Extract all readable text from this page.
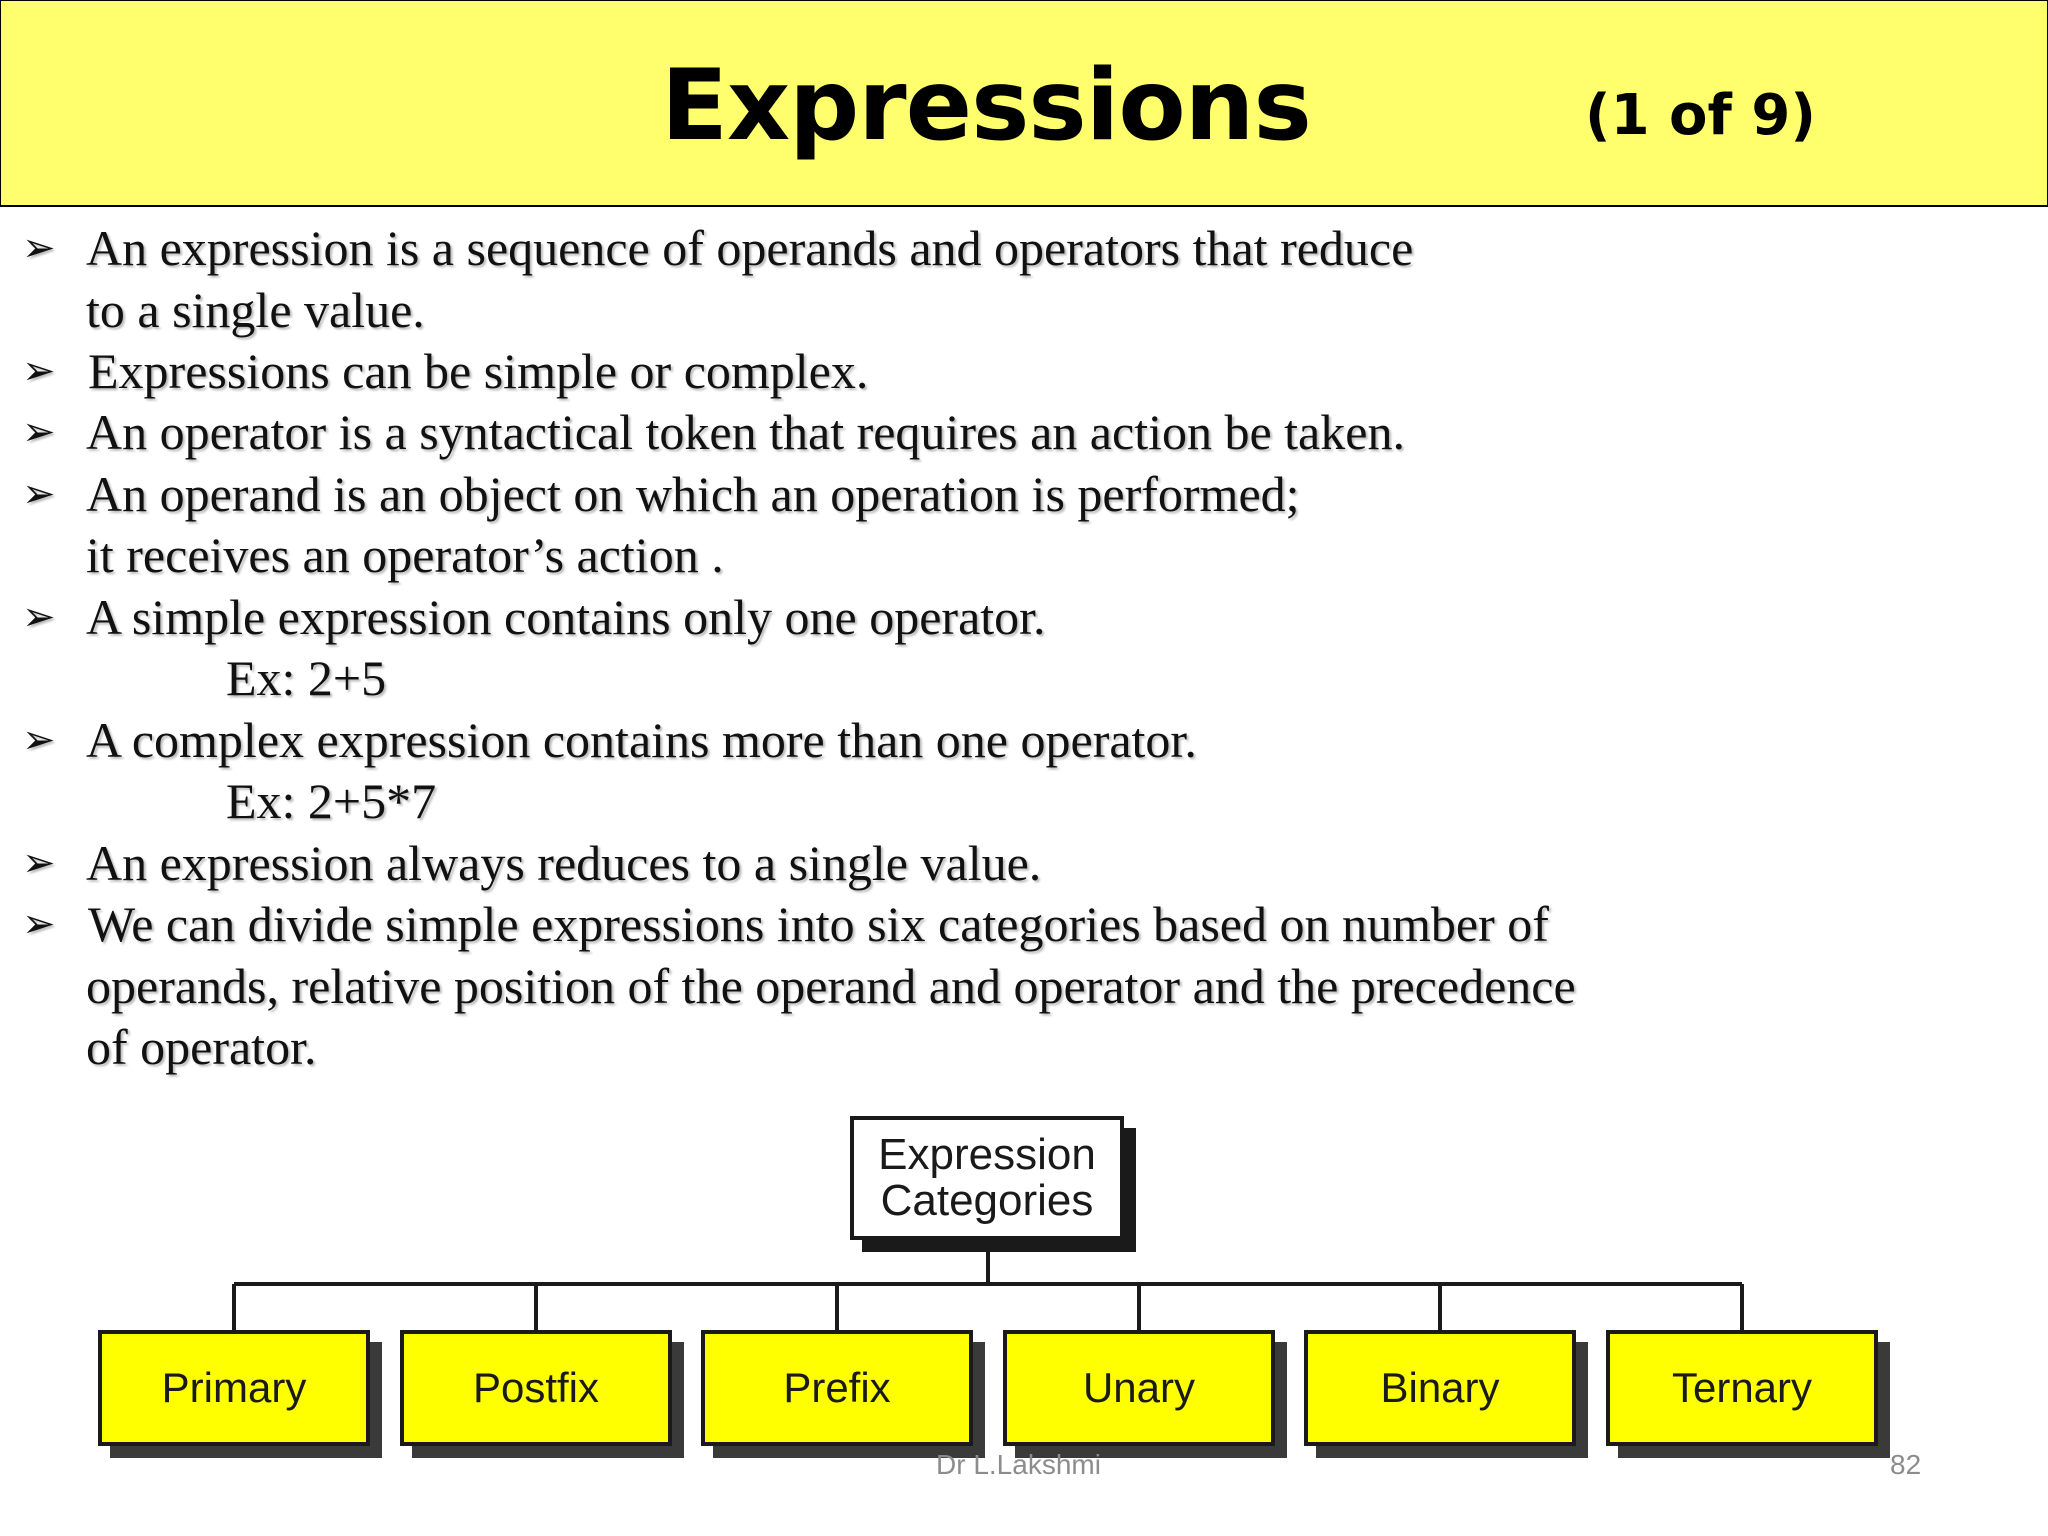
Expressions	(1 of 9)
➢ An expression is a sequence of operands and operators that reduce
to a single value.
➢ Expressions can be simple or complex.
➢ An operator is a syntactical token that requires an action be taken.
➢ An operand is an object on which an operation is performed;
it receives an operator’s action .
➢ A simple expression contains only one operator.
Ex: 2+5
➢ A complex expression contains more than one operator.
Ex: 2+5*7
➢ An expression always reduces to a single value.
➢ We can divide simple expressions into six categories based on number of
operands, relative position of the operand and operator and the precedence
of operator.
Expression
Categories
Primary	Postfix	Prefix	Unary	Binary	Ternary
Dr L.Lakshmi	82
